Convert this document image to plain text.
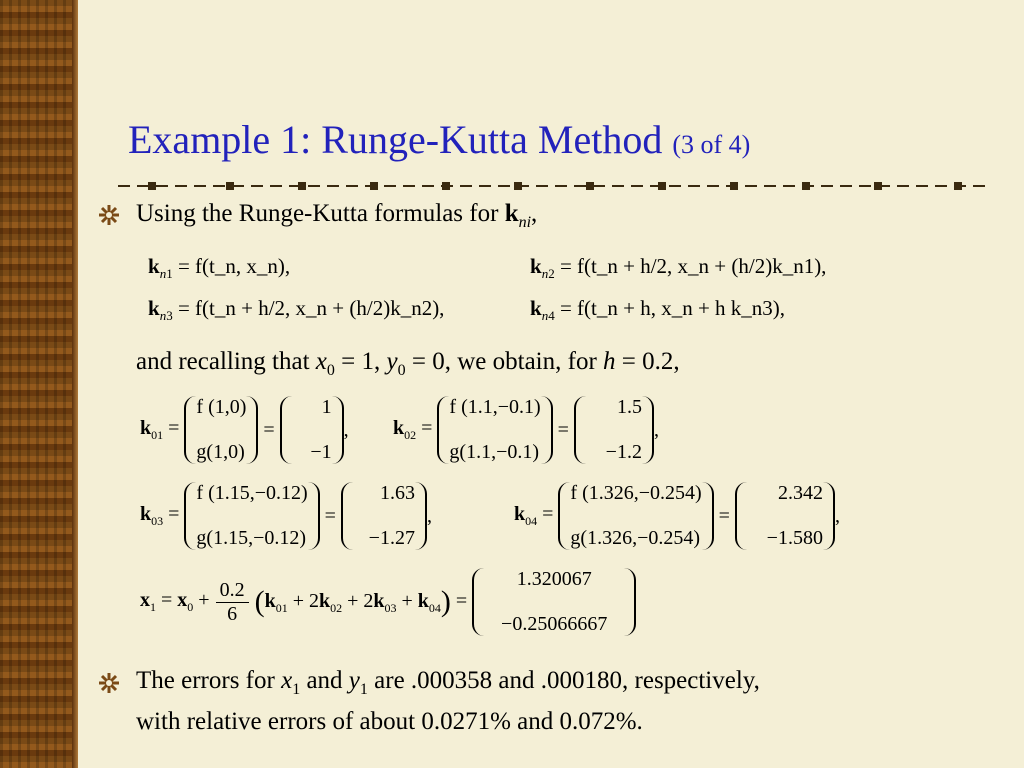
Example 1: Runge-Kutta Method (3 of 4)

Using the Runge-Kutta formulas for $k_{ni}$,

$k_{n1}$ = f(t_n, x_n),	$k_{n2}$ = f(t_n + h/2, x_n + (h/2)k_n1),
$k_{n3}$ = f(t_n + h/2, x_n + (h/2)k_n2),	$k_{n4}$ = f(t_n + h, x_n + h k_n3),

and recalling that $x_0 = 1$, $y_0 = 0$, we obtain, for h = 0.2,

$k_{01}$ =
f (1,0)
g(1,0)
=
1
−1
, $k_{02}$ =
f (1.1,−0.1)
g(1.1,−0.1)
=
1.5
−1.2
,
$k_{03}$ =
f (1.15,−0.12)
g(1.15,−0.12)
=
1.63
−1.27
,	$k_{04}$ =
f (1.326,−0.254)
g(1.326,−0.254)
=
2.342
−1.580
,
$x_1 = x_0 + \frac{0.2}{6} (k_{01} + 2k_{02} + 2k_{03} + k_{04})$ =
1.320067
−0.25066667

The errors for $x_1$ and $y_1$ are .000358 and .000180, respectively,

with relative errors of about 0.0271% and 0.072%.
